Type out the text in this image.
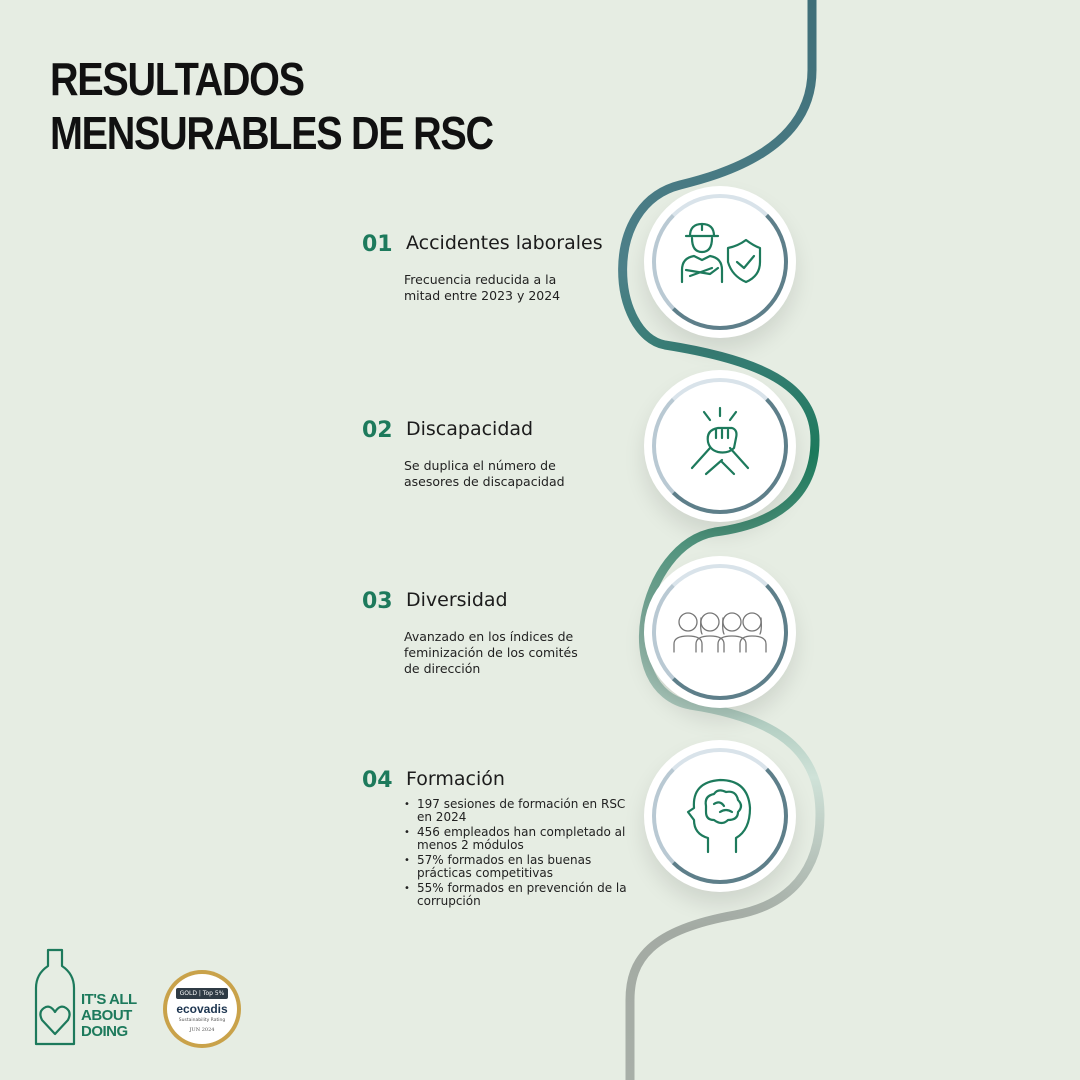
RESULTADOS
MENSURABLES DE RSC
01 Accidentes laborales
Frecuencia reducida a la mitad entre 2023 y 2024
02 Discapacidad
Se duplica el número de asesores de discapacidad
03 Diversidad
Avanzado en los índices de feminización de los comités de dirección
04 Formación
• 197 sesiones de formación en RSC en 2024
• 456 empleados han completado al menos 2 módulos
• 57% formados en las buenas prácticas competitivas
• 55% formados en prevención de la corrupción
IT'S ALL
ABOUT
DOING
GOLD | Top 5%
ecovadis
Sustainability Rating
JUN 2024
